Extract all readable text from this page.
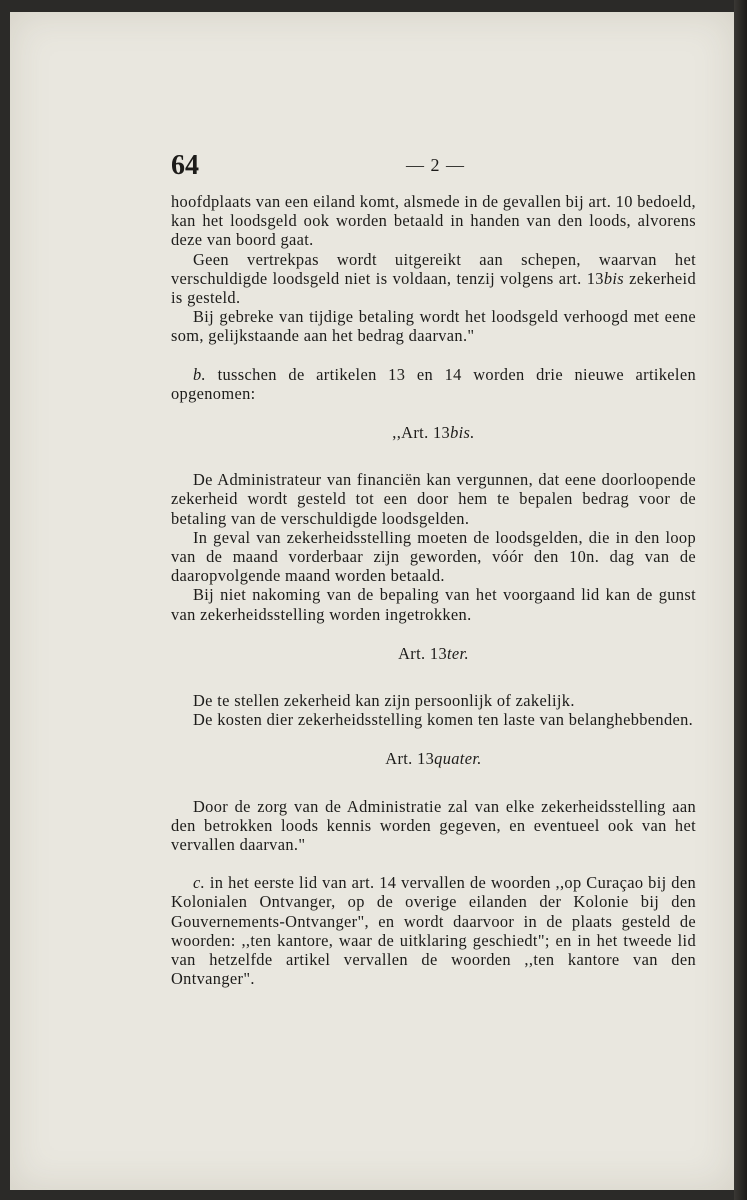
64	— 2 —

hoofdplaats van een eiland komt, alsmede in de gevallen bij art. 10 bedoeld, kan het loodsgeld ook worden betaald in handen van den loods, alvorens deze van boord gaat.

Geen vertrekpas wordt uitgereikt aan schepen, waarvan het verschuldigde loodsgeld niet is voldaan, tenzij volgens art. 13bis zekerheid is gesteld.

Bij gebreke van tijdige betaling wordt het loodsgeld verhoogd met eene som, gelijkstaande aan het bedrag daarvan."

b. tusschen de artikelen 13 en 14 worden drie nieuwe artikelen opgenomen:

,,Art. 13bis.

De Administrateur van financiën kan vergunnen, dat eene doorloopende zekerheid wordt gesteld tot een door hem te bepalen bedrag voor de betaling van de verschuldigde loodsgelden.

In geval van zekerheidsstelling moeten de loodsgelden, die in den loop van de maand vorderbaar zijn geworden, vóór den 10n. dag van de daaropvolgende maand worden betaald.

Bij niet nakoming van de bepaling van het voorgaand lid kan de gunst van zekerheidsstelling worden ingetrokken.

Art. 13ter.

De te stellen zekerheid kan zijn persoonlijk of zakelijk.

De kosten dier zekerheidsstelling komen ten laste van belanghebbenden.

Art. 13quater.

Door de zorg van de Administratie zal van elke zekerheidsstelling aan den betrokken loods kennis worden gegeven, en eventueel ook van het vervallen daarvan."

c. in het eerste lid van art. 14 vervallen de woorden ,,op Curaçao bij den Kolonialen Ontvanger, op de overige eilanden der Kolonie bij den Gouvernements-Ontvanger", en wordt daarvoor in de plaats gesteld de woorden: ,,ten kantore, waar de uitklaring geschiedt"; en in het tweede lid van hetzelfde artikel vervallen de woorden ,,ten kantore van den Ontvanger".
